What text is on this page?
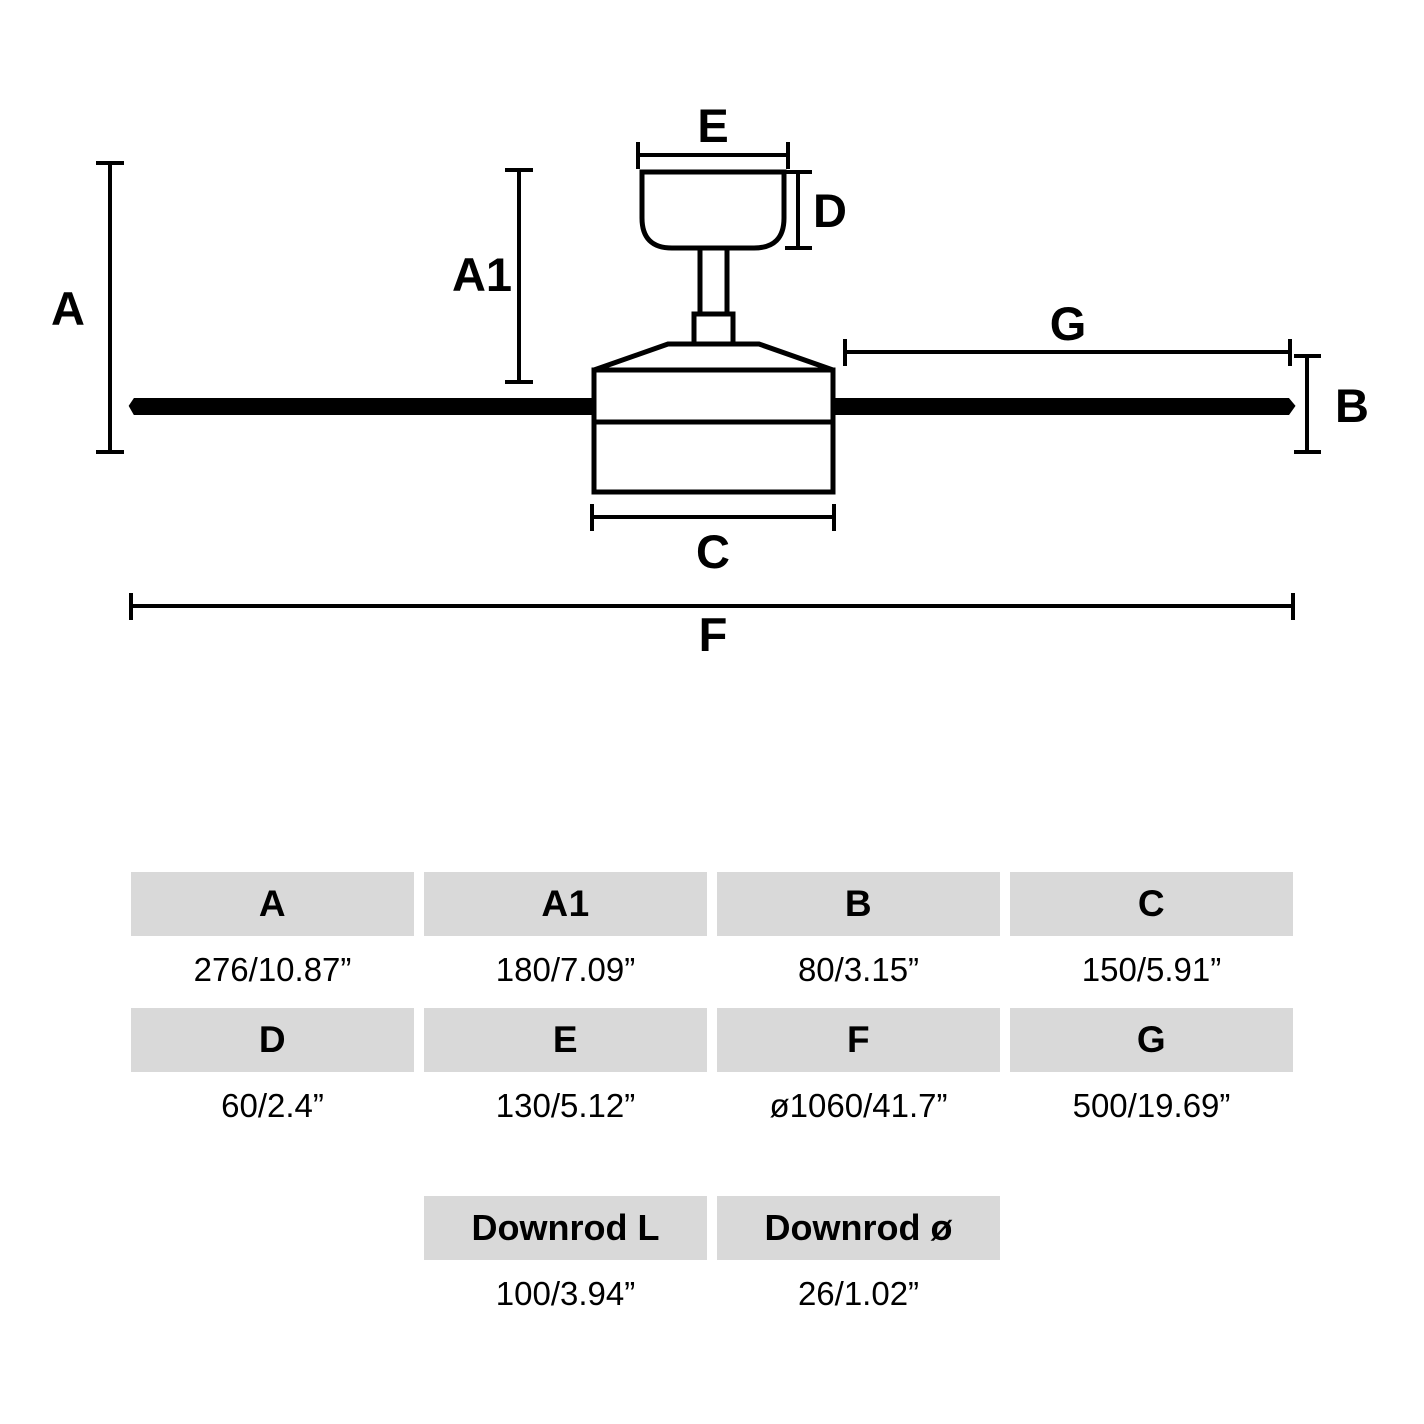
A
A1
B
C
D
E
F
G
A	A1	B	C
276/10.87”	180/7.09”	80/3.15”	150/5.91”
D	E	F	G
60/2.4”	130/5.12”	ø1060/41.7”	500/19.69”
Downrod L	Downrod ø
100/3.94”	26/1.02”
